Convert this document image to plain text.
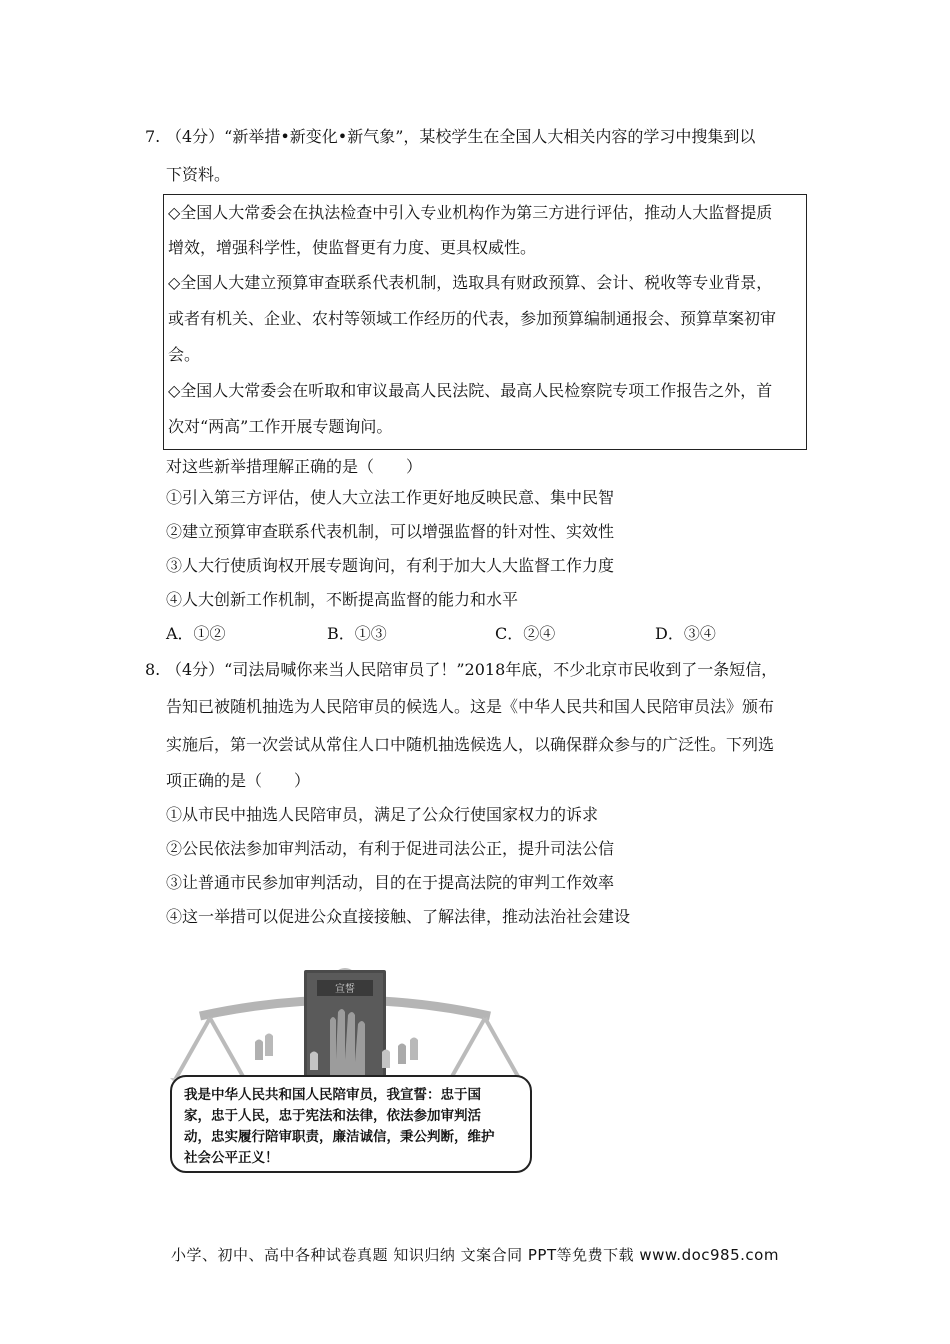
7. （4分）“新举措•新变化•新气象”，某校学生在全国人大相关内容的学习中搜集到以
下资料。
◇全国人大常委会在执法检查中引入专业机构作为第三方进行评估，推动人大监督提质
增效，增强科学性，使监督更有力度、更具权威性。
◇全国人大建立预算审查联系代表机制，选取具有财政预算、会计、税收等专业背景，
或者有机关、企业、农村等领域工作经历的代表，参加预算编制通报会、预算草案初审
会。
◇全国人大常委会在听取和审议最高人民法院、最高人民检察院专项工作报告之外，首
次对“两高”工作开展专题询问。
对这些新举措理解正确的是（　　）
①引入第三方评估，使人大立法工作更好地反映民意、集中民智
②建立预算审查联系代表机制，可以增强监督的针对性、实效性
③人大行使质询权开展专题询问，有利于加大人大监督工作力度
④人大创新工作机制，不断提高监督的能力和水平
A．①②	B．①③	C．②④	D．③④
8. （4分）“司法局喊你来当人民陪审员了！”2018年底，不少北京市民收到了一条短信，
告知已被随机抽选为人民陪审员的候选人。这是《中华人民共和国人民陪审员法》颁布
实施后，第一次尝试从常住人口中随机抽选候选人，以确保群众参与的广泛性。下列选
项正确的是（　　）
①从市民中抽选人民陪审员，满足了公众行使国家权力的诉求
②公民依法参加审判活动，有利于促进司法公正，提升司法公信
③让普通市民参加审判活动，目的在于提高法院的审判工作效率
④这一举措可以促进公众直接接触、了解法律，推动法治社会建设
宣誓
我是中华人民共和国人民陪审员，我宣誓：忠于国
家，忠于人民，忠于宪法和法律，依法参加审判活
动，忠实履行陪审职责，廉洁诚信，秉公判断，维护
社会公平正义！
小学、初中、高中各种试卷真题 知识归纳 文案合同 PPT等免费下载 www.doc985.com
